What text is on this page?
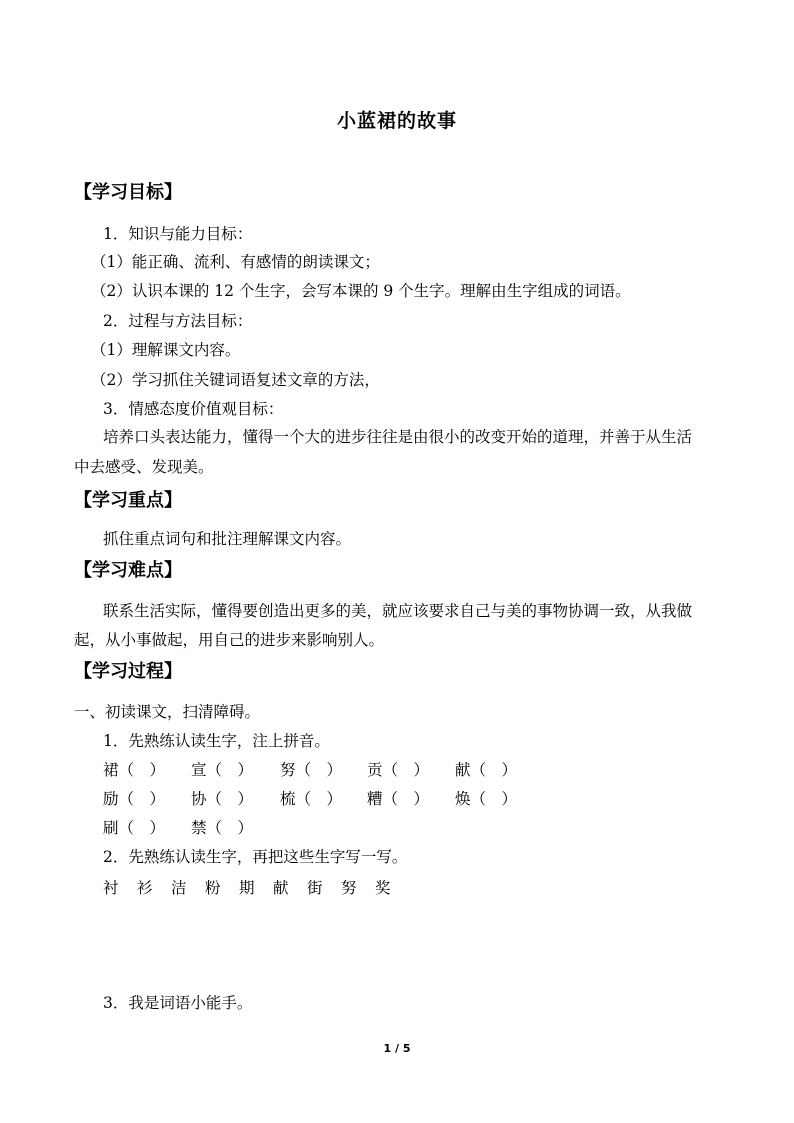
小蓝裙的故事
【学习目标】
1．知识与能力目标：
（1）能正确、流利、有感情的朗读课文；
（2）认识本课的 12 个生字，会写本课的 9 个生字。理解由生字组成的词语。
2．过程与方法目标：
（1）理解课文内容。
（2）学习抓住关键词语复述文章的方法，
3．情感态度价值观目标：
培养口头表达能力，懂得一个大的进步往往是由很小的改变开始的道理，并善于从生活
中去感受、发现美。
【学习重点】
抓住重点词句和批注理解课文内容。
【学习难点】
联系生活实际，懂得要创造出更多的美，就应该要求自己与美的事物协调一致，从我做
起，从小事做起，用自己的进步来影响别人。
【学习过程】
一、初读课文，扫清障碍。
1．先熟练认读生字，注上拼音。
裙（　） 宣（　） 努（　） 贡（　） 献（　）
励（　） 协（　） 梳（　） 糟（　） 焕（　）
刷（　） 禁（　）
2．先熟练认读生字，再把这些生字写一写。
衬 衫 洁 粉 期 献 街 努 奖
3．我是词语小能手。
1 / 5
